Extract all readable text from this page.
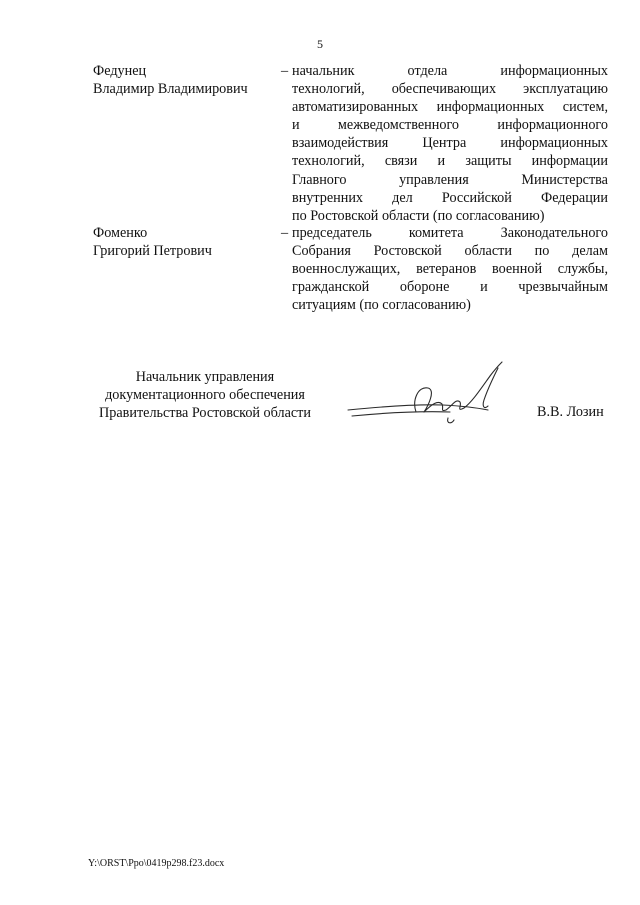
5
Федунец
Владимир Владимирович
– начальник отдела информационных
технологий, обеспечивающих эксплуатацию
автоматизированных информационных систем,
и межведомственного информационного
взаимодействия Центра информационных
технологий, связи и защиты информации
Главного управления Министерства
внутренних дел Российской Федерации
по Ростовской области (по согласованию)
Фоменко
Григорий Петрович
– председатель комитета Законодательного
Собрания Ростовской области по делам
военнослужащих, ветеранов военной службы,
гражданской обороне и чрезвычайным
ситуациям (по согласованию)
Начальник управления
документационного обеспечения
Правительства Ростовской области	В.В. Лозин
Y:\ORST\Ppo\0419p298.f23.docx
